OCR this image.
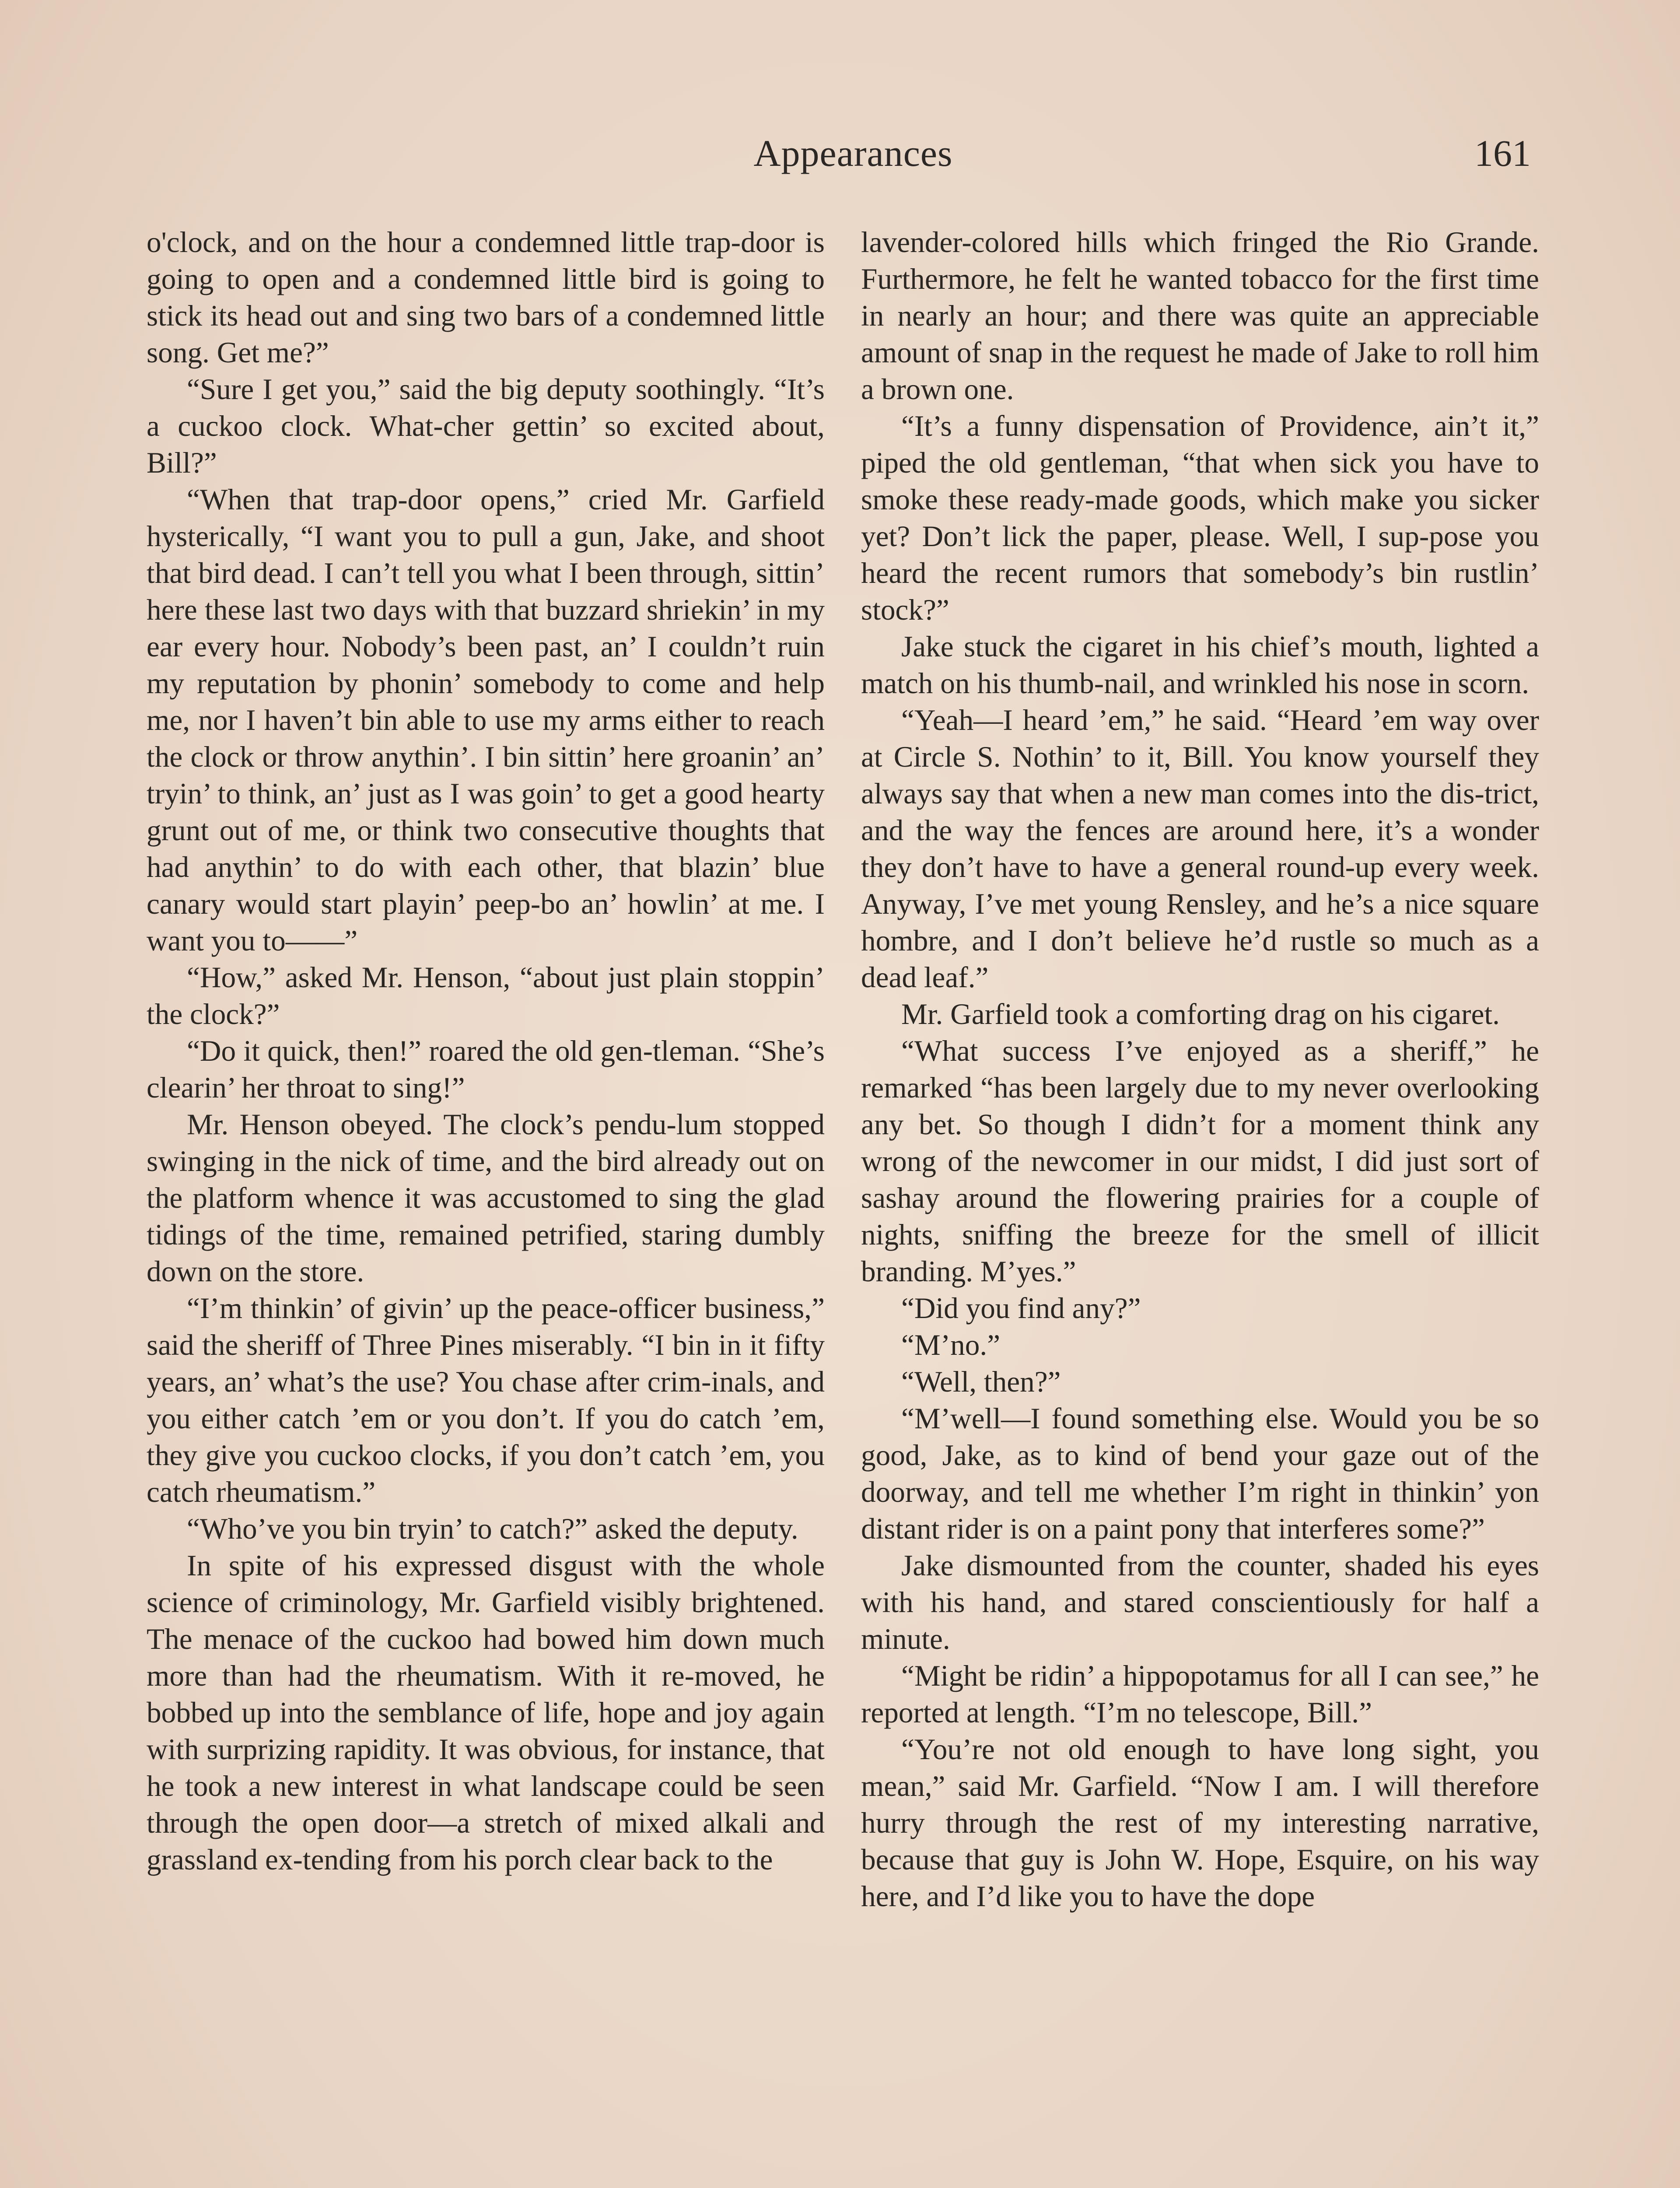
Appearances	161

o'clock, and on the hour a condemned little trap-door is going to open and a condemned little bird is going to stick its head out and sing two bars of a condemned little song. Get me?”

“Sure I get you,” said the big deputy soothingly. “It’s a cuckoo clock. What-cher gettin’ so excited about, Bill?”

“When that trap-door opens,” cried Mr. Garfield hysterically, “I want you to pull a gun, Jake, and shoot that bird dead. I can’t tell you what I been through, sittin’ here these last two days with that buzzard shriekin’ in my ear every hour. Nobody’s been past, an’ I couldn’t ruin my reputation by phonin’ somebody to come and help me, nor I haven’t bin able to use my arms either to reach the clock or throw anythin’. I bin sittin’ here groanin’ an’ tryin’ to think, an’ just as I was goin’ to get a good hearty grunt out of me, or think two consecutive thoughts that had anythin’ to do with each other, that blazin’ blue canary would start playin’ peep-bo an’ howlin’ at me. I want you to——”

“How,” asked Mr. Henson, “about just plain stoppin’ the clock?”

“Do it quick, then!” roared the old gen-tleman. “She’s clearin’ her throat to sing!”

Mr. Henson obeyed. The clock’s pendu-lum stopped swinging in the nick of time, and the bird already out on the platform whence it was accustomed to sing the glad tidings of the time, remained petrified, staring dumbly down on the store.

“I’m thinkin’ of givin’ up the peace-officer business,” said the sheriff of Three Pines miserably. “I bin in it fifty years, an’ what’s the use? You chase after crim-inals, and you either catch ’em or you don’t. If you do catch ’em, they give you cuckoo clocks, if you don’t catch ’em, you catch rheumatism.”

“Who’ve you bin tryin’ to catch?” asked the deputy.

In spite of his expressed disgust with the whole science of criminology, Mr. Garfield visibly brightened. The menace of the cuckoo had bowed him down much more than had the rheumatism. With it re-moved, he bobbed up into the semblance of life, hope and joy again with surprizing rapidity. It was obvious, for instance, that he took a new interest in what landscape could be seen through the open door—a stretch of mixed alkali and grassland ex-tending from his porch clear back to the

lavender-colored hills which fringed the Rio Grande. Furthermore, he felt he wanted tobacco for the first time in nearly an hour; and there was quite an appreciable amount of snap in the request he made of Jake to roll him a brown one.

“It’s a funny dispensation of Providence, ain’t it,” piped the old gentleman, “that when sick you have to smoke these ready-made goods, which make you sicker yet? Don’t lick the paper, please. Well, I sup-pose you heard the recent rumors that somebody’s bin rustlin’ stock?”

Jake stuck the cigaret in his chief’s mouth, lighted a match on his thumb-nail, and wrinkled his nose in scorn.

“Yeah—I heard ’em,” he said. “Heard ’em way over at Circle S. Nothin’ to it, Bill. You know yourself they always say that when a new man comes into the dis-trict, and the way the fences are around here, it’s a wonder they don’t have to have a general round-up every week. Anyway, I’ve met young Rensley, and he’s a nice square hombre, and I don’t believe he’d rustle so much as a dead leaf.”

Mr. Garfield took a comforting drag on his cigaret.

“What success I’ve enjoyed as a sheriff,” he remarked “has been largely due to my never overlooking any bet. So though I didn’t for a moment think any wrong of the newcomer in our midst, I did just sort of sashay around the flowering prairies for a couple of nights, sniffing the breeze for the smell of illicit branding. M’yes.”

“Did you find any?”

“M’no.”

“Well, then?”

“M’well—I found something else. Would you be so good, Jake, as to kind of bend your gaze out of the doorway, and tell me whether I’m right in thinkin’ yon distant rider is on a paint pony that interferes some?”

Jake dismounted from the counter, shaded his eyes with his hand, and stared conscientiously for half a minute.

“Might be ridin’ a hippopotamus for all I can see,” he reported at length. “I’m no telescope, Bill.”

“You’re not old enough to have long sight, you mean,” said Mr. Garfield. “Now I am. I will therefore hurry through the rest of my interesting narrative, because that guy is John W. Hope, Esquire, on his way here, and I’d like you to have the dope
